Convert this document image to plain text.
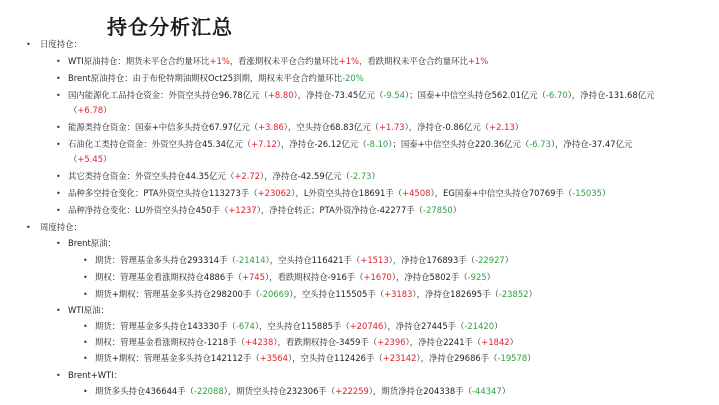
持仓分析汇总
• 日度持仓：
• WTI原油持仓：期货未平仓合约量环比+1%，看涨期权未平仓合约量环比+1%，看跌期权未平仓合约量环比+1%
• Brent原油持仓：由于布伦特期油期权Oct25到期，期权未平仓合约量环比-20%
• 国内能源化工品持仓资金：外资空头持仓96.78亿元（+8.80），净持仓-73.45亿元（-9.54）；国泰+中信空头持仓562.01亿元（-6.70），净持仓-131.68亿元
（+6.78）
• 能源类持仓资金：国泰+中信多头持仓67.97亿元（+3.86），空头持仓68.83亿元（+1.73），净持仓-0.86亿元（+2.13）
• 石油化工类持仓资金：外资空头持仓45.34亿元（+7.12），净持仓-26.12亿元（-8.10）；国泰+中信空头持仓220.36亿元（-6.73），净持仓-37.47亿元
（+5.45）
• 其它类持仓资金：外资空头持仓44.35亿元（+2.72），净持仓-42.59亿元（-2.73）
• 品种多空持仓变化：PTA外资空头持仓113273手（+23062），L外资空头持仓18691手（+4508），EG国泰+中信空头持仓70769手（-15035）
• 品种净持仓变化：LU外资空头持仓450手（+1237），净持仓转正；PTA外资净持仓-42277手（-27850）
• 周度持仓：
• Brent原油：
• 期货：管理基金多头持仓293314手（-21414），空头持仓116421手（+1513），净持仓176893手（-22927）
• 期权：管理基金看涨期权持仓4886手（+745），看跌期权持仓-916手（+1670），净持仓5802手（-925）
• 期货+期权：管理基金多头持仓298200手（-20669），空头持仓115505手（+3183），净持仓182695手（-23852）
• WTI原油：
• 期货：管理基金多头持仓143330手（-674），空头持仓115885手（+20746），净持仓27445手（-21420）
• 期权：管理基金看涨期权持仓-1218手（+4238），看跌期权持仓-3459手（+2396），净持仓2241手（+1842）
• 期货+期权：管理基金多头持仓142112手（+3564），空头持仓112426手（+23142），净持仓29686手（-19578）
• Brent+WTI：
• 期货多头持仓436644手（-22088），期货空头持仓232306手（+22259），期货净持仓204338手（-44347）
